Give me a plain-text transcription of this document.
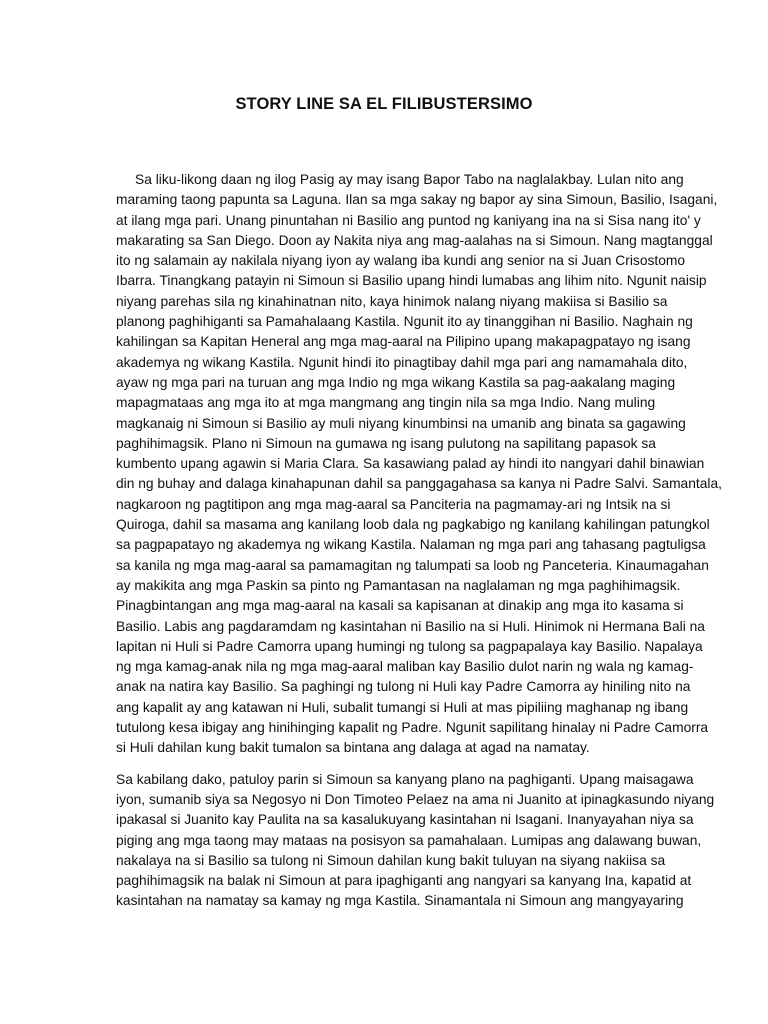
STORY LINE SA EL FILIBUSTERSIMO
Sa liku-likong daan ng ilog Pasig ay may isang Bapor Tabo na naglalakbay. Lulan nito ang
maraming taong papunta sa Laguna. Ilan sa mga sakay ng bapor ay sina Simoun, Basilio, Isagani,
at ilang mga pari. Unang pinuntahan ni Basilio ang puntod ng kaniyang ina na si Sisa nang ito' y
makarating sa San Diego. Doon ay Nakita niya ang mag-aalahas na si Simoun. Nang magtanggal
ito ng salamain ay nakilala niyang iyon ay walang iba kundi ang senior na si Juan Crisostomo
Ibarra. Tinangkang patayin ni Simoun si Basilio upang hindi lumabas ang lihim nito. Ngunit naisip
niyang parehas sila ng kinahinatnan nito, kaya hinimok nalang niyang makiisa si Basilio sa
planong paghihiganti sa Pamahalaang Kastila. Ngunit ito ay tinanggihan ni Basilio. Naghain ng
kahilingan sa Kapitan Heneral ang mga mag-aaral na Pilipino upang makapagpatayo ng isang
akademya ng wikang Kastila. Ngunit hindi ito pinagtibay dahil mga pari ang namamahala dito,
ayaw ng mga pari na turuan ang mga Indio ng mga wikang Kastila sa pag-aakalang maging
mapagmataas ang mga ito at mga mangmang ang tingin nila sa mga Indio. Nang muling
magkanaig ni Simoun si Basilio ay muli niyang kinumbinsi na umanib ang binata sa gagawing
paghihimagsik. Plano ni Simoun na gumawa ng isang pulutong na sapilitang papasok sa
kumbento upang agawin si Maria Clara. Sa kasawiang palad ay hindi ito nangyari dahil binawian
din ng buhay and dalaga kinahapunan dahil sa panggagahasa sa kanya ni Padre Salvi. Samantala,
nagkaroon ng pagtitipon ang mga mag-aaral sa Panciteria na pagmamay-ari ng Intsik na si
Quiroga, dahil sa masama ang kanilang loob dala ng pagkabigo ng kanilang kahilingan patungkol
sa pagpapatayo ng akademya ng wikang Kastila. Nalaman ng mga pari ang tahasang pagtuligsa
sa kanila ng mga mag-aaral sa pamamagitan ng talumpati sa loob ng Panceteria. Kinaumagahan
ay makikita ang mga Paskin sa pinto ng Pamantasan na naglalaman ng mga paghihimagsik.
Pinagbintangan ang mga mag-aaral na kasali sa kapisanan at dinakip ang mga ito kasama si
Basilio. Labis ang pagdaramdam ng kasintahan ni Basilio na si Huli. Hinimok ni Hermana Bali na
lapitan ni Huli si Padre Camorra upang humingi ng tulong sa pagpapalaya kay Basilio. Napalaya
ng mga kamag-anak nila ng mga mag-aaral maliban kay Basilio dulot narin ng wala ng kamag-
anak na natira kay Basilio. Sa paghingi ng tulong ni Huli kay Padre Camorra ay hiniling nito na
ang kapalit ay ang katawan ni Huli, subalit tumangi si Huli at mas pipiliing maghanap ng ibang
tutulong kesa ibigay ang hinihinging kapalit ng Padre. Ngunit sapilitang hinalay ni Padre Camorra
si Huli dahilan kung bakit tumalon sa bintana ang dalaga at agad na namatay.
Sa kabilang dako, patuloy parin si Simoun sa kanyang plano na paghiganti. Upang maisagawa
iyon, sumanib siya sa Negosyo ni Don Timoteo Pelaez na ama ni Juanito at ipinagkasundo niyang
ipakasal si Juanito kay Paulita na sa kasalukuyang kasintahan ni Isagani. Inanyayahan niya sa
piging ang mga taong may mataas na posisyon sa pamahalaan. Lumipas ang dalawang buwan,
nakalaya na si Basilio sa tulong ni Simoun dahilan kung bakit tuluyan na siyang nakiisa sa
paghihimagsik na balak ni Simoun at para ipaghiganti ang nangyari sa kanyang Ina, kapatid at
kasintahan na namatay sa kamay ng mga Kastila. Sinamantala ni Simoun ang mangyayaring
